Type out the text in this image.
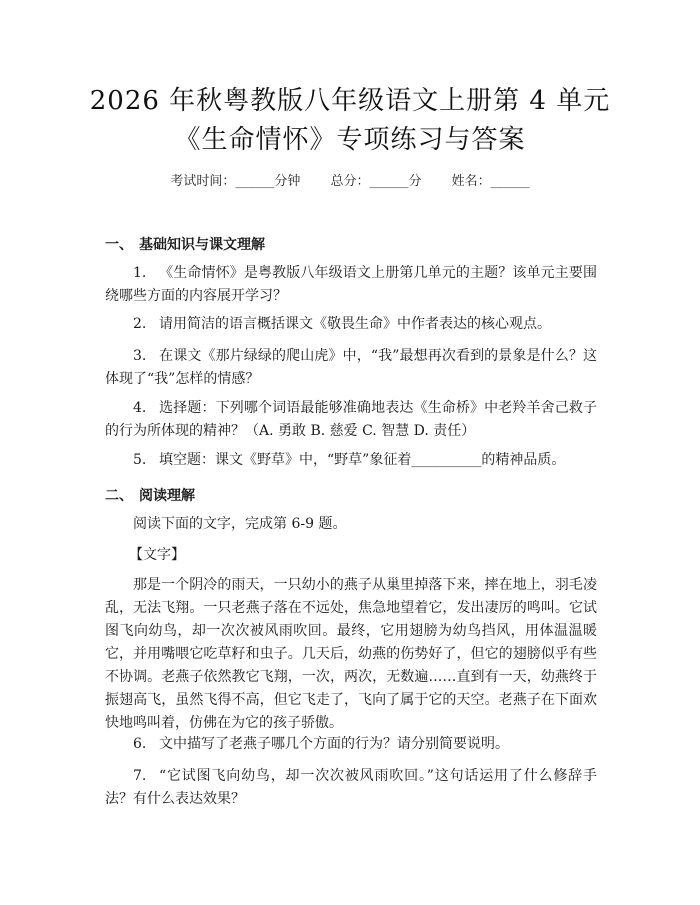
2026 年秋粤教版八年级语文上册第 4 单元
《生命情怀》专项练习与答案
考试时间：______分钟 总分：______分 姓名：______
一、 基础知识与课文理解
1. 《生命情怀》是粤教版八年级语文上册第几单元的主题？该单元主要围绕哪些方面的内容展开学习？
2. 请用简洁的语言概括课文《敬畏生命》中作者表达的核心观点。
3. 在课文《那片绿绿的爬山虎》中，“我”最想再次看到的景象是什么？这体现了“我”怎样的情感？
4. 选择题：下列哪个词语最能够准确地表达《生命桥》中老羚羊舍己救子的行为所体现的精神？（A. 勇敢 B. 慈爱 C. 智慧 D. 责任）
5. 填空题：课文《野草》中，“野草”象征着__________的精神品质。
二、 阅读理解
阅读下面的文字，完成第 6-9 题。
【文字】
那是一个阴冷的雨天，一只幼小的燕子从巢里掉落下来，摔在地上，羽毛凌乱，无法飞翔。一只老燕子落在不远处，焦急地望着它，发出凄厉的鸣叫。它试图飞向幼鸟，却一次次被风雨吹回。最终，它用翅膀为幼鸟挡风，用体温温暖它，并用嘴喂它吃草籽和虫子。几天后，幼燕的伤势好了，但它的翅膀似乎有些不协调。老燕子依然教它飞翔，一次，两次，无数遍……直到有一天，幼燕终于振翅高飞，虽然飞得不高，但它飞走了，飞向了属于它的天空。老燕子在下面欢快地鸣叫着，仿佛在为它的孩子骄傲。
6. 文中描写了老燕子哪几个方面的行为？请分别简要说明。
7. “它试图飞向幼鸟，却一次次被风雨吹回。”这句话运用了什么修辞手法？有什么表达效果？
